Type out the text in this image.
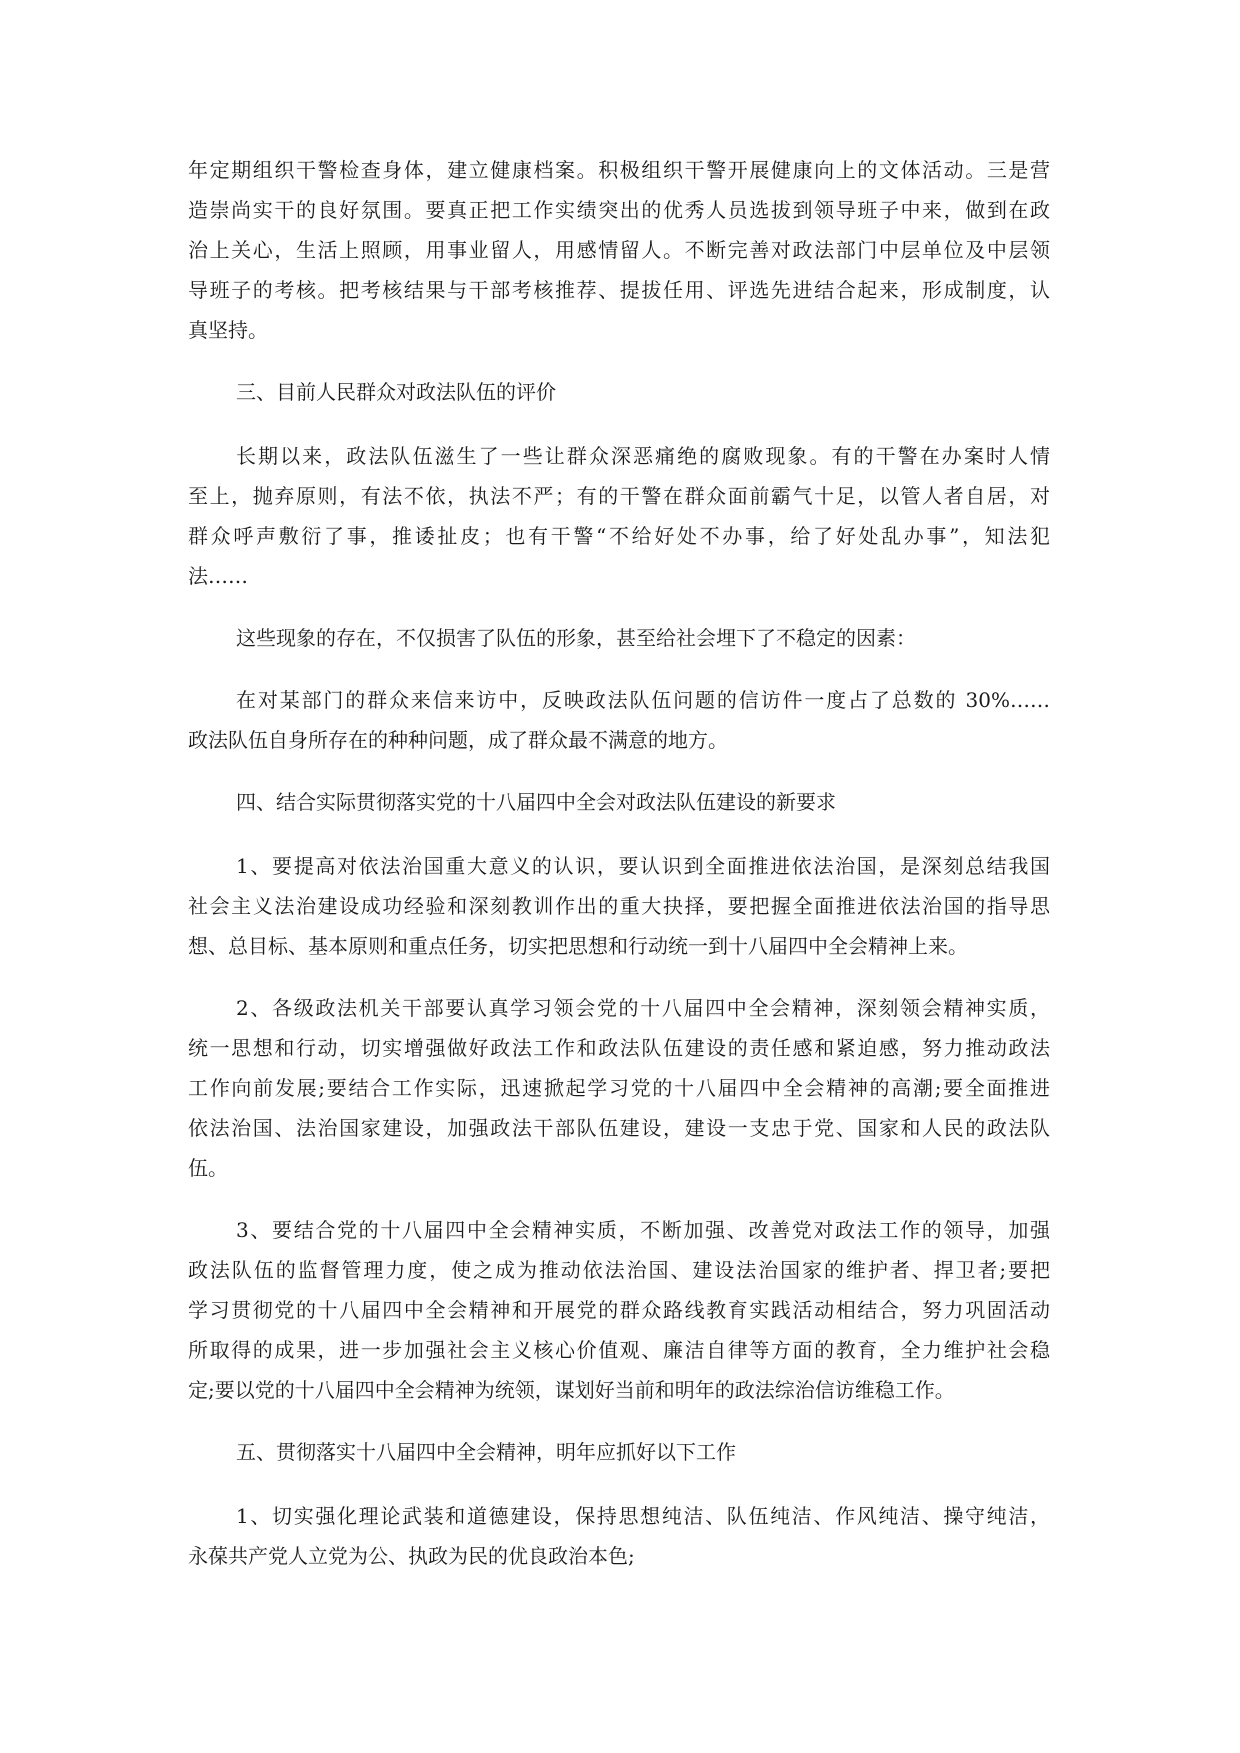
年定期组织干警检查身体，建立健康档案。积极组织干警开展健康向上的文体活动。三是营
造崇尚实干的良好氛围。要真正把工作实绩突出的优秀人员选拔到领导班子中来，做到在政
治上关心，生活上照顾，用事业留人，用感情留人。不断完善对政法部门中层单位及中层领
导班子的考核。把考核结果与干部考核推荐、提拔任用、评选先进结合起来，形成制度，认
真坚持。
三、目前人民群众对政法队伍的评价
长期以来，政法队伍滋生了一些让群众深恶痛绝的腐败现象。有的干警在办案时人情
至上，抛弃原则，有法不依，执法不严；有的干警在群众面前霸气十足，以管人者自居，对
群众呼声敷衍了事，推诿扯皮；也有干警“不给好处不办事，给了好处乱办事”，知法犯
法……
这些现象的存在，不仅损害了队伍的形象，甚至给社会埋下了不稳定的因素：
在对某部门的群众来信来访中，反映政法队伍问题的信访件一度占了总数的 30%……
政法队伍自身所存在的种种问题，成了群众最不满意的地方。
四、结合实际贯彻落实党的十八届四中全会对政法队伍建设的新要求
1、要提高对依法治国重大意义的认识，要认识到全面推进依法治国，是深刻总结我国
社会主义法治建设成功经验和深刻教训作出的重大抉择，要把握全面推进依法治国的指导思
想、总目标、基本原则和重点任务，切实把思想和行动统一到十八届四中全会精神上来。
2、各级政法机关干部要认真学习领会党的十八届四中全会精神，深刻领会精神实质，
统一思想和行动，切实增强做好政法工作和政法队伍建设的责任感和紧迫感，努力推动政法
工作向前发展;要结合工作实际，迅速掀起学习党的十八届四中全会精神的高潮;要全面推进
依法治国、法治国家建设，加强政法干部队伍建设，建设一支忠于党、国家和人民的政法队
伍。
3、要结合党的十八届四中全会精神实质，不断加强、改善党对政法工作的领导，加强
政法队伍的监督管理力度，使之成为推动依法治国、建设法治国家的维护者、捍卫者;要把
学习贯彻党的十八届四中全会精神和开展党的群众路线教育实践活动相结合，努力巩固活动
所取得的成果，进一步加强社会主义核心价值观、廉洁自律等方面的教育，全力维护社会稳
定;要以党的十八届四中全会精神为统领，谋划好当前和明年的政法综治信访维稳工作。
五、贯彻落实十八届四中全会精神，明年应抓好以下工作
1、切实强化理论武装和道德建设，保持思想纯洁、队伍纯洁、作风纯洁、操守纯洁，
永葆共产党人立党为公、执政为民的优良政治本色;
